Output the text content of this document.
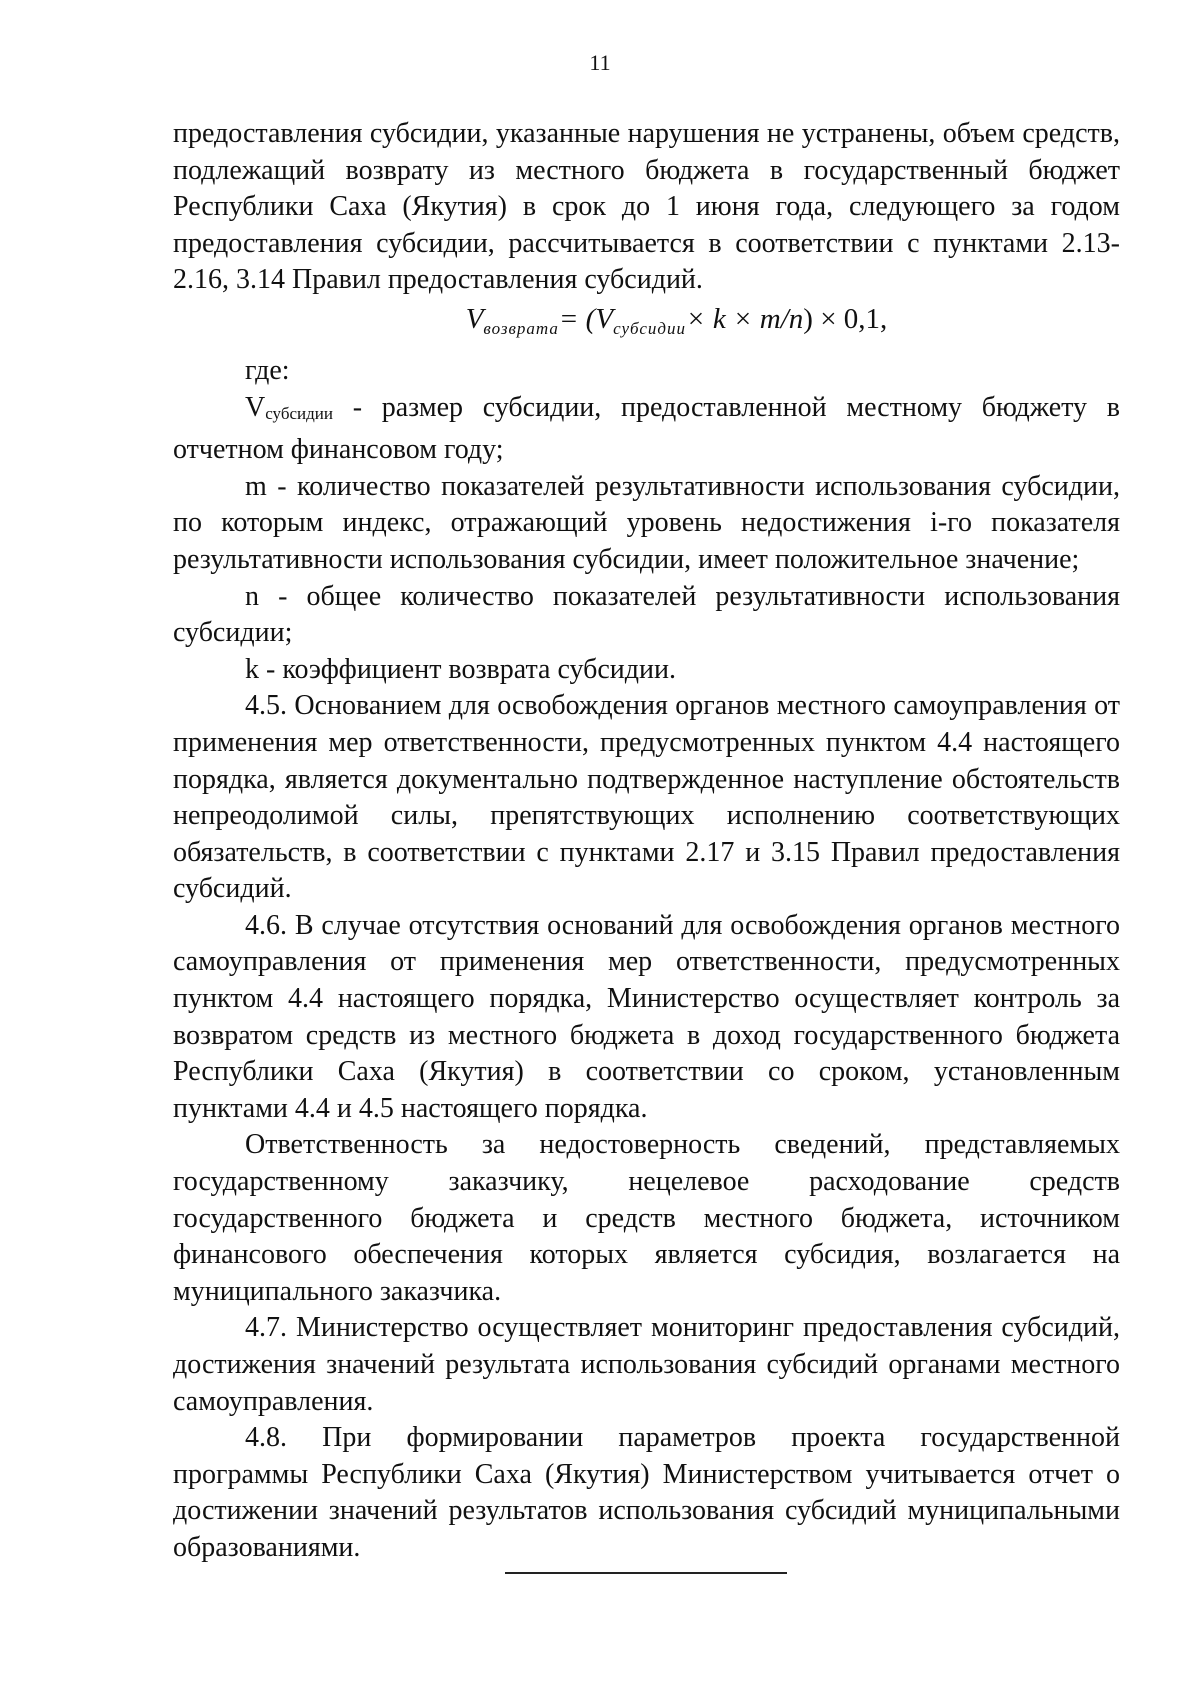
11

предоставления субсидии, указанные нарушения не устранены, объем средств, подлежащий возврату из местного бюджета в государственный бюджет Республики Саха (Якутия) в срок до 1 июня года, следующего за годом предоставления субсидии, рассчитывается в соответствии с пунктами 2.13-2.16, 3.14 Правил предоставления субсидий.

$V_{возврата}= (V_{субсидии}\times k \times m/n) \times 0,1$,

где:

Vсубсидии - размер субсидии, предоставленной местному бюджету в отчетном финансовом году;

m - количество показателей результативности использования субсидии, по которым индекс, отражающий уровень недостижения i-го показателя результативности использования субсидии, имеет положительное значение;

n - общее количество показателей результативности использования субсидии;

k - коэффициент возврата субсидии.

4.5. Основанием для освобождения органов местного самоуправления от применения мер ответственности, предусмотренных пунктом 4.4 настоящего порядка, является документально подтвержденное наступление обстоятельств непреодолимой силы, препятствующих исполнению соответствующих обязательств, в соответствии с пунктами 2.17 и 3.15 Правил предоставления субсидий.

4.6. В случае отсутствия оснований для освобождения органов местного самоуправления от применения мер ответственности, предусмотренных пунктом 4.4 настоящего порядка, Министерство осуществляет контроль за возвратом средств из местного бюджета в доход государственного бюджета Республики Саха (Якутия) в соответствии со сроком, установленным пунктами 4.4 и 4.5 настоящего порядка.

Ответственность за недостоверность сведений, представляемых государственному заказчику, нецелевое расходование средств государственного бюджета и средств местного бюджета, источником финансового обеспечения которых является субсидия, возлагается на муниципального заказчика.

4.7. Министерство осуществляет мониторинг предоставления субсидий, достижения значений результата использования субсидий органами местного самоуправления.

4.8. При формировании параметров проекта государственной программы Республики Саха (Якутия) Министерством учитывается отчет о достижении значений результатов использования субсидий муниципальными образованиями.
